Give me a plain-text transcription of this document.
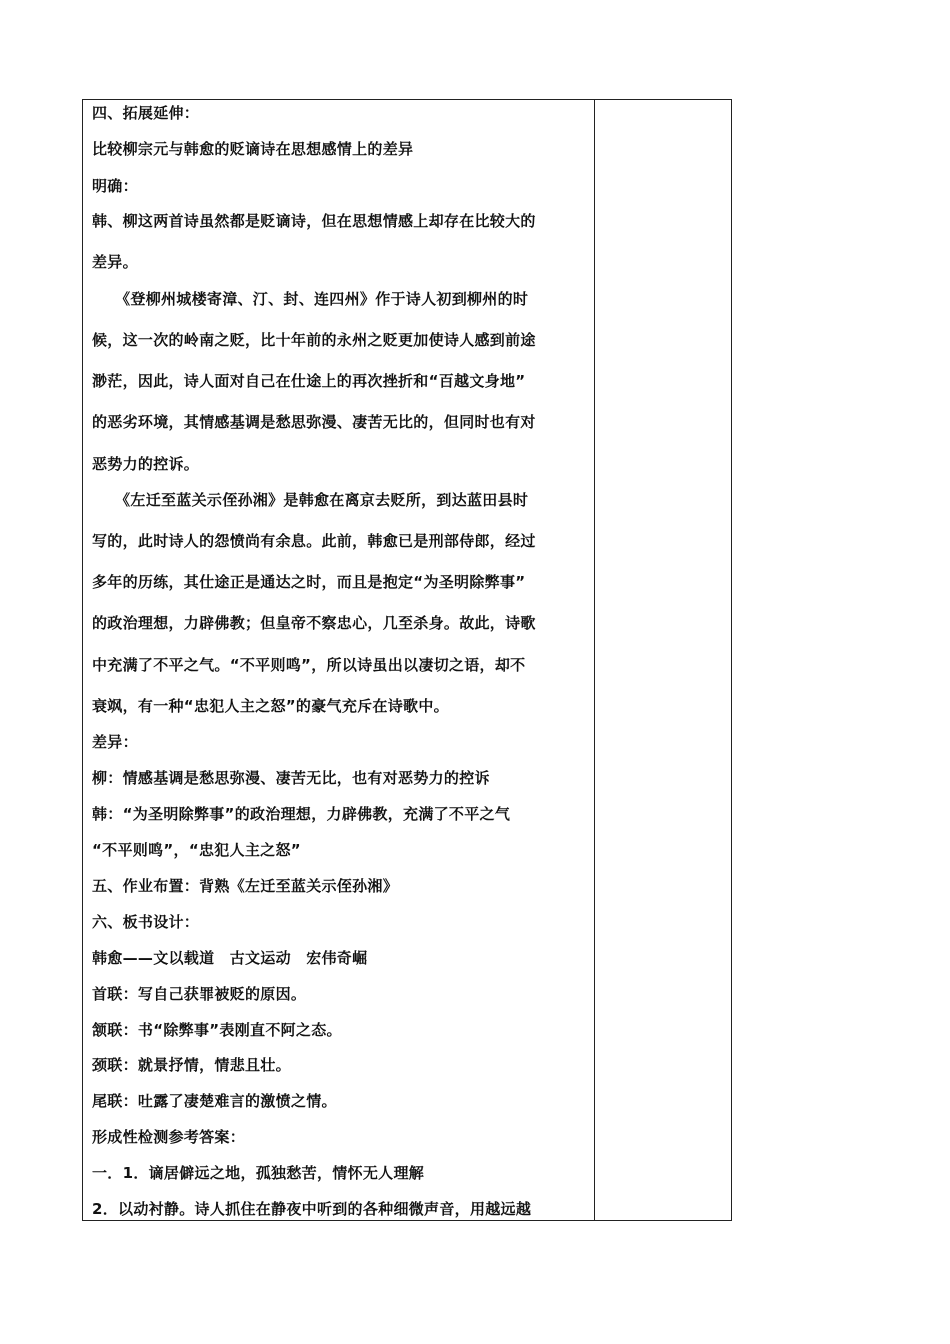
四、拓展延伸：
比较柳宗元与韩愈的贬谪诗在思想感情上的差异
明确：
韩、柳这两首诗虽然都是贬谪诗，但在思想情感上却存在比较大的
差异。
　　《登柳州城楼寄漳、汀、封、连四州》作于诗人初到柳州的时
候，这一次的岭南之贬，比十年前的永州之贬更加使诗人感到前途
渺茫，因此，诗人面对自己在仕途上的再次挫折和“百越文身地”
的恶劣环境，其情感基调是愁思弥漫、凄苦无比的，但同时也有对
恶势力的控诉。
　　《左迁至蓝关示侄孙湘》是韩愈在离京去贬所，到达蓝田县时
写的，此时诗人的怨愤尚有余息。此前，韩愈已是刑部侍郎，经过
多年的历练，其仕途正是通达之时，而且是抱定“为圣明除弊事”
的政治理想，力辟佛教；但皇帝不察忠心，几至杀身。故此，诗歌
中充满了不平之气。“不平则鸣”，所以诗虽出以凄切之语，却不
衰飒，有一种“忠犯人主之怒”的豪气充斥在诗歌中。
差异：
柳：情感基调是愁思弥漫、凄苦无比，也有对恶势力的控诉
韩：“为圣明除弊事”的政治理想，力辟佛教，充满了不平之气
“不平则鸣”，“忠犯人主之怒”
五、作业布置：背熟《左迁至蓝关示侄孙湘》
六、板书设计：
韩愈——文以载道　古文运动　宏伟奇崛
首联：写自己获罪被贬的原因。
颔联：书“除弊事”表刚直不阿之态。
颈联：就景抒情，情悲且壮。
尾联：吐露了凄楚难言的激愤之情。
形成性检测参考答案：
一．1．谪居僻远之地，孤独愁苦，情怀无人理解
2．以动衬静。诗人抓住在静夜中听到的各种细微声音，用越远越
